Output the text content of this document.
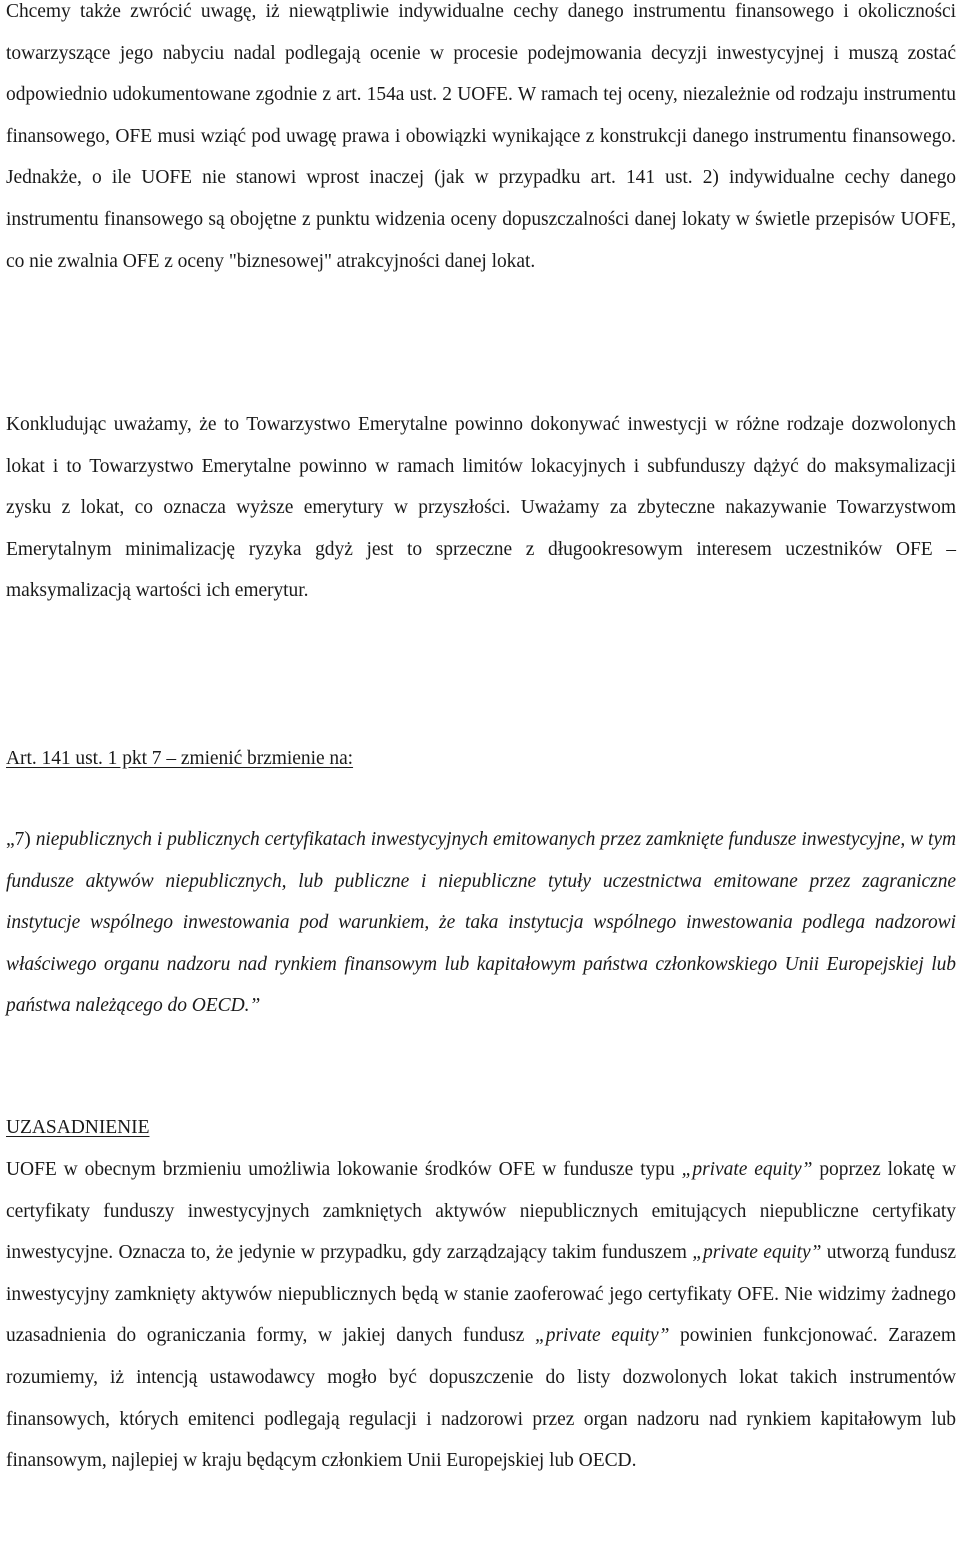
Chcemy także zwrócić uwagę, iż niewątpliwie indywidualne cechy danego instrumentu finansowego i okoliczności towarzyszące jego nabyciu nadal podlegają ocenie w procesie podejmowania decyzji inwestycyjnej i muszą zostać odpowiednio udokumentowane zgodnie z art. 154a ust. 2 UOFE. W ramach tej oceny, niezależnie od rodzaju instrumentu finansowego, OFE musi wziąć pod uwagę prawa i obowiązki wynikające z konstrukcji danego instrumentu finansowego. Jednakże, o ile UOFE nie stanowi wprost inaczej (jak w przypadku art. 141 ust. 2) indywidualne cechy danego instrumentu finansowego są obojętne z punktu widzenia oceny dopuszczalności danej lokaty w świetle przepisów UOFE, co nie zwalnia OFE z oceny "biznesowej" atrakcyjności danej lokat.

Konkludując uważamy, że to Towarzystwo Emerytalne powinno dokonywać inwestycji w różne rodzaje dozwolonych lokat i to Towarzystwo Emerytalne powinno w ramach limitów lokacyjnych i subfunduszy dążyć do maksymalizacji zysku z lokat, co oznacza wyższe emerytury w przyszłości. Uważamy za zbyteczne nakazywanie Towarzystwom Emerytalnym minimalizację ryzyka gdyż jest to sprzeczne z długookresowym interesem uczestników OFE – maksymalizacją wartości ich emerytur.

Art. 141 ust. 1 pkt 7 – zmienić brzmienie na:

„7) niepublicznych i publicznych certyfikatach inwestycyjnych emitowanych przez zamknięte fundusze inwestycyjne, w tym fundusze aktywów niepublicznych, lub publiczne i niepubliczne tytuły uczestnictwa emitowane przez zagraniczne instytucje wspólnego inwestowania pod warunkiem, że taka instytucja wspólnego inwestowania podlega nadzorowi właściwego organu nadzoru nad rynkiem finansowym lub kapitałowym państwa członkowskiego Unii Europejskiej lub państwa należącego do OECD.”

UZASADNIENIE

UOFE w obecnym brzmieniu umożliwia lokowanie środków OFE w fundusze typu „private equity” poprzez lokatę w certyfikaty funduszy inwestycyjnych zamkniętych aktywów niepublicznych emitujących niepubliczne certyfikaty inwestycyjne. Oznacza to, że jedynie w przypadku, gdy zarządzający takim funduszem „private equity” utworzą fundusz inwestycyjny zamknięty aktywów niepublicznych będą w stanie zaoferować jego certyfikaty OFE. Nie widzimy żadnego uzasadnienia do ograniczania formy, w jakiej danych fundusz „private equity” powinien funkcjonować. Zarazem rozumiemy, iż intencją ustawodawcy mogło być dopuszczenie do listy dozwolonych lokat takich instrumentów finansowych, których emitenci podlegają regulacji i nadzorowi przez organ nadzoru nad rynkiem kapitałowym lub finansowym, najlepiej w kraju będącym członkiem Unii Europejskiej lub OECD.
